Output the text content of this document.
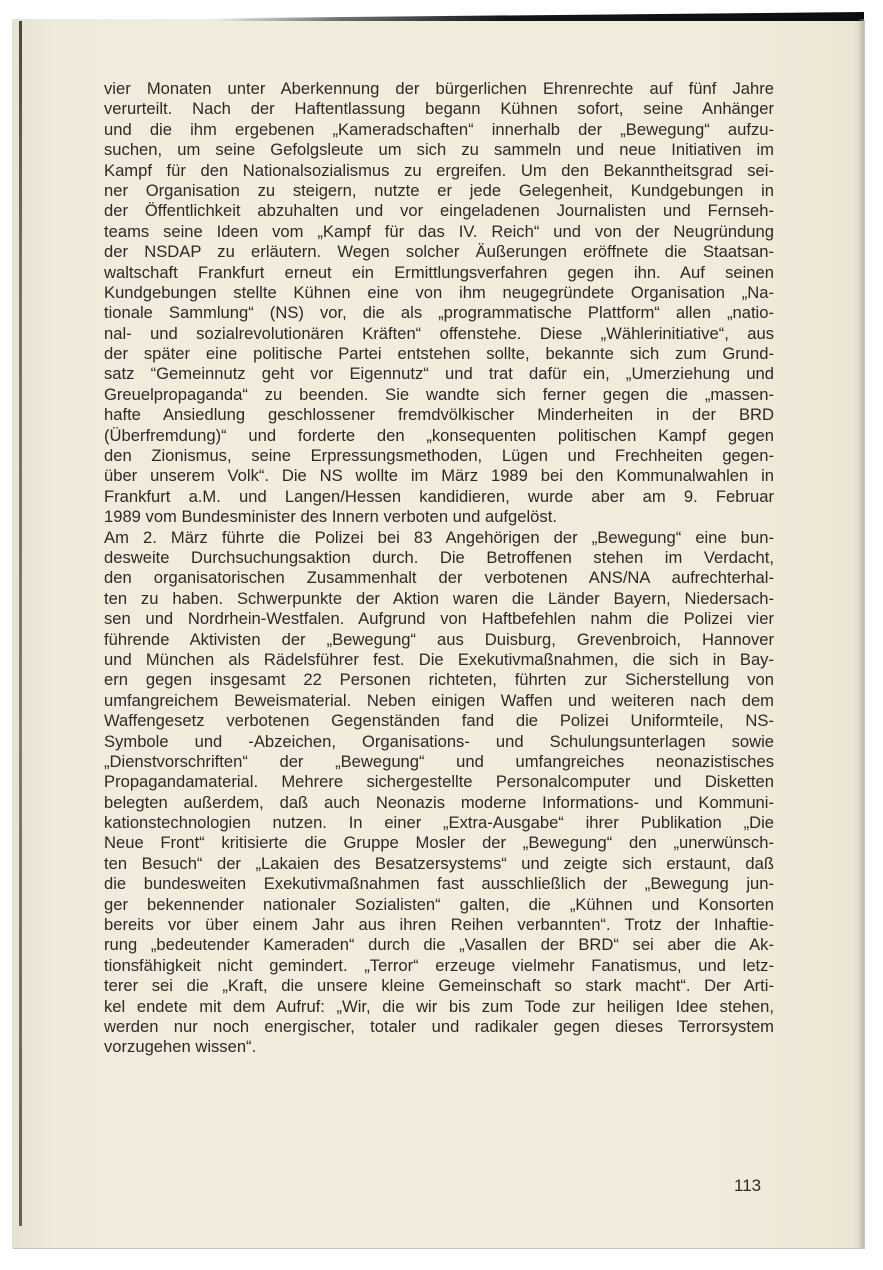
vier Monaten unter Aberkennung der bürgerlichen Ehrenrechte auf fünf Jahre
verurteilt. Nach der Haftentlassung begann Kühnen sofort, seine Anhänger
und die ihm ergebenen „Kameradschaften“ innerhalb der „Bewegung“ aufzu-
suchen, um seine Gefolgsleute um sich zu sammeln und neue Initiativen im
Kampf für den Nationalsozialismus zu ergreifen. Um den Bekanntheitsgrad sei-
ner Organisation zu steigern, nutzte er jede Gelegenheit, Kundgebungen in
der Öffentlichkeit abzuhalten und vor eingeladenen Journalisten und Fernseh-
teams seine Ideen vom „Kampf für das IV. Reich“ und von der Neugründung
der NSDAP zu erläutern. Wegen solcher Äußerungen eröffnete die Staatsan-
waltschaft Frankfurt erneut ein Ermittlungsverfahren gegen ihn. Auf seinen
Kundgebungen stellte Kühnen eine von ihm neugegründete Organisation „Na-
tionale Sammlung“ (NS) vor, die als „programmatische Plattform“ allen „natio-
nal- und sozialrevolutionären Kräften“ offenstehe. Diese „Wählerinitiative“, aus
der später eine politische Partei entstehen sollte, bekannte sich zum Grund-
satz “Gemeinnutz geht vor Eigennutz“ und trat dafür ein, „Umerziehung und
Greuelpropaganda“ zu beenden. Sie wandte sich ferner gegen die „massen-
hafte Ansiedlung geschlossener fremdvölkischer Minderheiten in der BRD
(Überfremdung)“ und forderte den „konsequenten politischen Kampf gegen
den Zionismus, seine Erpressungsmethoden, Lügen und Frechheiten gegen-
über unserem Volk“. Die NS wollte im März 1989 bei den Kommunalwahlen in
Frankfurt a.M. und Langen/Hessen kandidieren, wurde aber am 9. Februar
1989 vom Bundesminister des Innern verboten und aufgelöst.
Am 2. März führte die Polizei bei 83 Angehörigen der „Bewegung“ eine bun-
desweite Durchsuchungsaktion durch. Die Betroffenen stehen im Verdacht,
den organisatorischen Zusammenhalt der verbotenen ANS/NA aufrechterhal-
ten zu haben. Schwerpunkte der Aktion waren die Länder Bayern, Niedersach-
sen und Nordrhein-Westfalen. Aufgrund von Haftbefehlen nahm die Polizei vier
führende Aktivisten der „Bewegung“ aus Duisburg, Grevenbroich, Hannover
und München als Rädelsführer fest. Die Exekutivmaßnahmen, die sich in Bay-
ern gegen insgesamt 22 Personen richteten, führten zur Sicherstellung von
umfangreichem Beweismaterial. Neben einigen Waffen und weiteren nach dem
Waffengesetz verbotenen Gegenständen fand die Polizei Uniformteile, NS-
Symbole und -Abzeichen, Organisations- und Schulungsunterlagen sowie
„Dienstvorschriften“ der „Bewegung“ und umfangreiches neonazistisches
Propagandamaterial. Mehrere sichergestellte Personalcomputer und Disketten
belegten außerdem, daß auch Neonazis moderne Informations- und Kommuni-
kationstechnologien nutzen. In einer „Extra-Ausgabe“ ihrer Publikation „Die
Neue Front“ kritisierte die Gruppe Mosler der „Bewegung“ den „unerwünsch-
ten Besuch“ der „Lakaien des Besatzersystems“ und zeigte sich erstaunt, daß
die bundesweiten Exekutivmaßnahmen fast ausschließlich der „Bewegung jun-
ger bekennender nationaler Sozialisten“ galten, die „Kühnen und Konsorten
bereits vor über einem Jahr aus ihren Reihen verbannten“. Trotz der Inhaftie-
rung „bedeutender Kameraden“ durch die „Vasallen der BRD“ sei aber die Ak-
tionsfähigkeit nicht gemindert. „Terror“ erzeuge vielmehr Fanatismus, und letz-
terer sei die „Kraft, die unsere kleine Gemeinschaft so stark macht“. Der Arti-
kel endete mit dem Aufruf: „Wir, die wir bis zum Tode zur heiligen Idee stehen,
werden nur noch energischer, totaler und radikaler gegen dieses Terrorsystem
vorzugehen wissen“.
113
